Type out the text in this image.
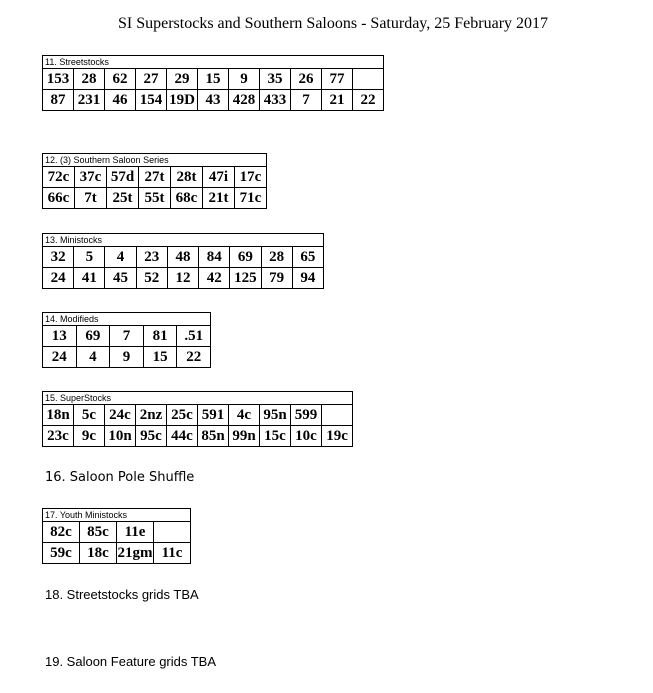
SI Superstocks and Southern Saloons - Saturday, 25 February 2017
11. Streetstocks										
153	28	62	27	29	15	9	35	26	77	
87	231	46	154	19D	43	428	433	7	21	22
12. (3) Southern Saloon Series						
72c	37c	57d	27t	28t	47i	17c
66c	7t	25t	55t	68c	21t	71c
13. Ministocks								
32	5	4	23	48	84	69	28	65
24	41	45	52	12	42	125	79	94
14. Modifieds				
13	69	7	81	.51
24	4	9	15	22
15. SuperStocks									
18n	5c	24c	2nz	25c	591	4c	95n	599	
23c	9c	10n	95c	44c	85n	99n	15c	10c	19c
16. Saloon Pole Shuffle
17. Youth Ministocks			
82c	85c	11e	
59c	18c	21gm	11c
18. Streetstocks grids TBA
19. Saloon Feature grids TBA
